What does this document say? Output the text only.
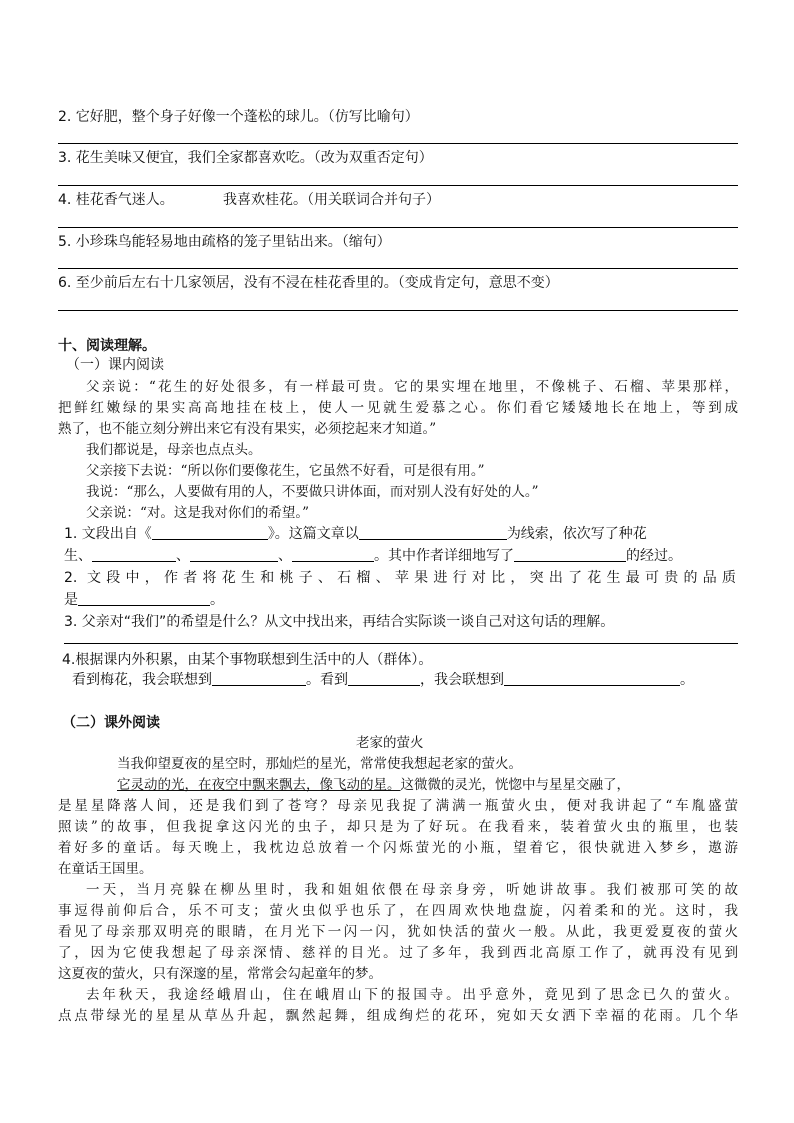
2. 它好肥，整个身子好像一个蓬松的球儿。（仿写比喻句）
3. 花生美味又便宜，我们全家都喜欢吃。（改为双重否定句）
4. 桂花香气迷人。	我喜欢桂花。（用关联词合并句子）
5. 小珍珠鸟能轻易地由疏格的笼子里钻出来。（缩句）
6. 至少前后左右十几家领居，没有不浸在桂花香里的。（变成肯定句，意思不变）
十、阅读理解。
（一）课内阅读
父亲说：“花生的好处很多，有一样最可贵。它的果实埋在地里，不像桃子、石榴、苹果那样，
把鲜红嫩绿的果实高高地挂在枝上，使人一见就生爱慕之心。你们看它矮矮地长在地上，等到成
熟了，也不能立刻分辨出来它有没有果实，必须挖起来才知道。”
我们都说是，母亲也点点头。
父亲接下去说：“所以你们要像花生，它虽然不好看，可是很有用。”
我说：“那么，人要做有用的人，不要做只讲体面，而对别人没有好处的人。”
父亲说：“对。这是我对你们的希望。”
1. 文段出自《	》。这篇文章以	为线索，依次写了种花
生、	、	、	。其中作者详细地写了	的经过。
2. 文段中，作者将花生和桃子、石榴、苹果进行对比，突出了花生最可贵的品质
是	。
3. 父亲对“我们”的希望是什么？从文中找出来，再结合实际谈一谈自己对这句话的理解。
4.根据课内外积累，由某个事物联想到生活中的人（群体）。
看到梅花，我会联想到	。看到	，我会联想到	。
（二）课外阅读
老家的萤火
当我仰望夏夜的星空时，那灿烂的星光，常常使我想起老家的萤火。
它灵动的光，在夜空中飘来飘去，像飞动的星。这微微的灵光，恍惚中与星星交融了，
是星星降落人间，还是我们到了苍穹？母亲见我捉了满满一瓶萤火虫，便对我讲起了“车胤盛萤
照读”的故事，但我捉拿这闪光的虫子，却只是为了好玩。在我看来，装着萤火虫的瓶里，也装
着好多的童话。每天晚上，我枕边总放着一个闪烁萤光的小瓶，望着它，很快就进入梦乡，遨游
在童话王国里。
一天，当月亮躲在柳丛里时，我和姐姐依偎在母亲身旁，听她讲故事。我们被那可笑的故
事逗得前仰后合，乐不可支；萤火虫似乎也乐了，在四周欢快地盘旋，闪着柔和的光。这时，我
看见了母亲那双明亮的眼睛，在月光下一闪一闪，犹如快活的萤火一般。从此，我更爱夏夜的萤火
了，因为它使我想起了母亲深情、慈祥的目光。过了多年，我到西北高原工作了，就再没有见到
这夏夜的萤火，只有深邃的星，常常会勾起童年的梦。
去年秋天，我途经峨眉山，住在峨眉山下的报国寺。出乎意外，竟见到了思念已久的萤火。
点点带绿光的星星从草丛升起，飘然起舞，组成绚烂的花环，宛如天女洒下幸福的花雨。几个华
